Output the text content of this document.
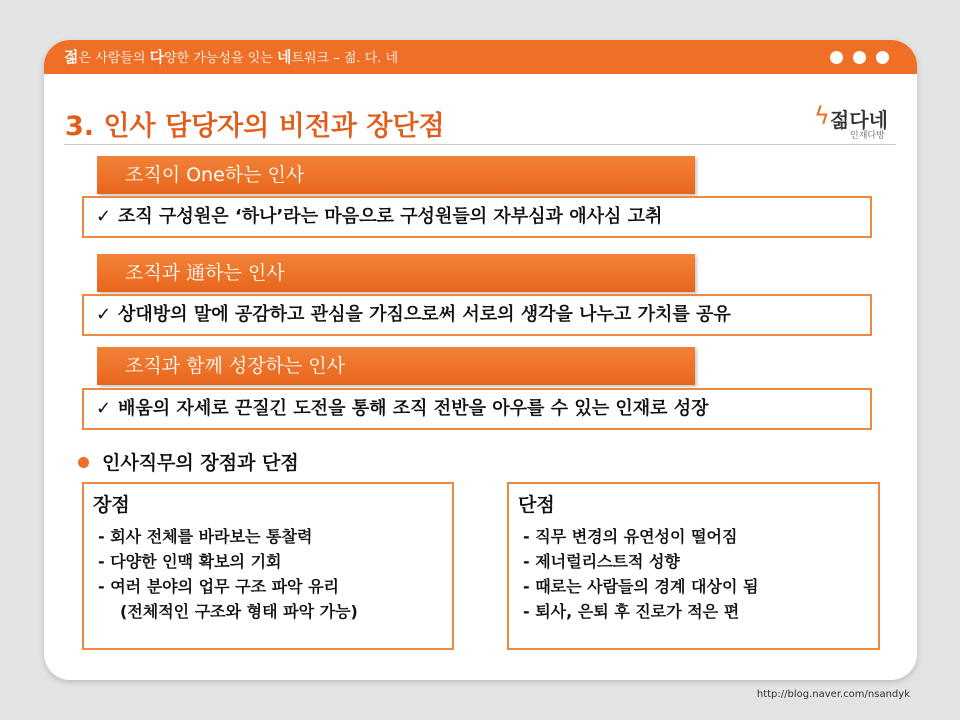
젊은 사람들의 다양한 가능성을 잇는 네트워크 – 젊. 다. 네
3. 인사 담당자의 비전과 장단점	ϟ 젊다네
인재다방
조직이 One하는 인사
✓ 조직 구성원은 ‘하나’라는 마음으로 구성원들의 자부심과 애사심 고취
조직과 通하는 인사
✓ 상대방의 말에 공감하고 관심을 가짐으로써 서로의 생각을 나누고 가치를 공유
조직과 함께 성장하는 인사
✓ 배움의 자세로 끈질긴 도전을 통해 조직 전반을 아우를 수 있는 인재로 성장
인사직무의 장점과 단점
장점
- 회사 전체를 바라보는 통찰력
- 다양한 인맥 확보의 기회
- 여러 분야의 업무 구조 파악 유리
(전체적인 구조와 형태 파악 가능)
단점
- 직무 변경의 유연성이 떨어짐
- 제너럴리스트적 성향
- 때로는 사람들의 경계 대상이 됨
- 퇴사, 은퇴 후 진로가 적은 편
http://blog.naver.com/nsandyk
